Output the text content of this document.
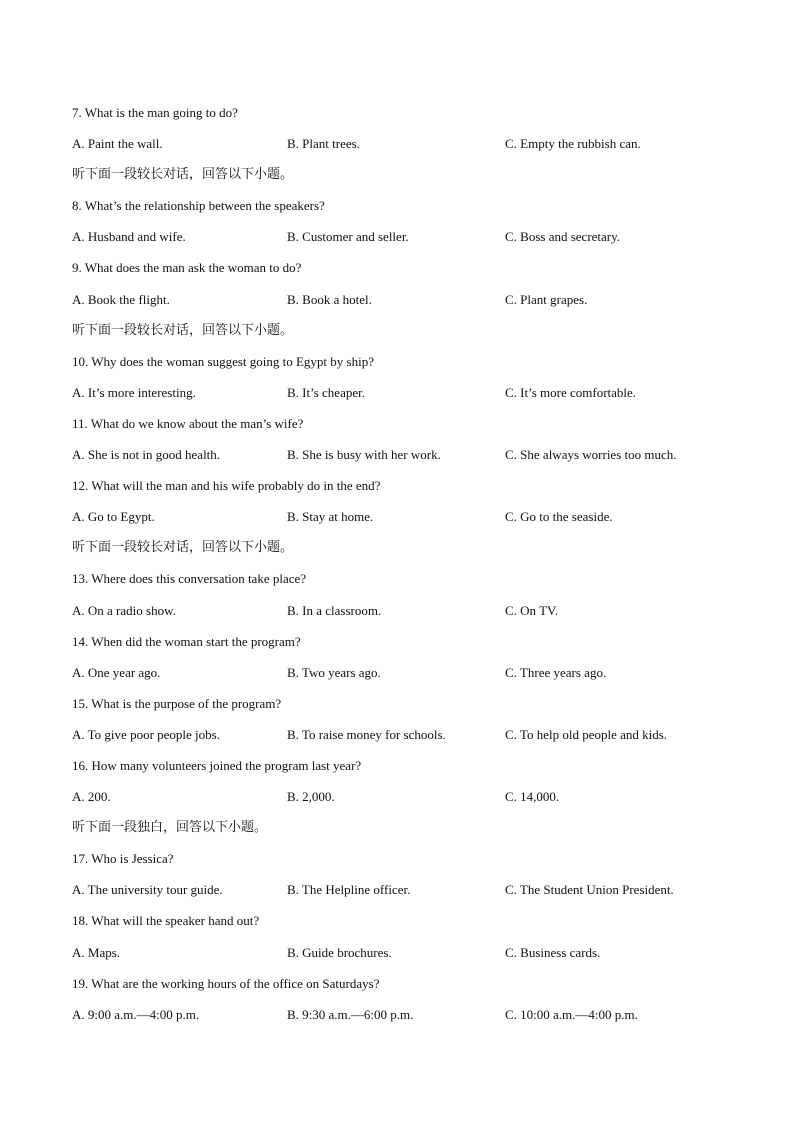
7. What is the man going to do?
A. Paint the wall.	B. Plant trees.	C. Empty the rubbish can.
听下面一段较长对话，回答以下小题。
8. What’s the relationship between the speakers?
A. Husband and wife.	B. Customer and seller.	C. Boss and secretary.
9. What does the man ask the woman to do?
A. Book the flight.	B. Book a hotel.	C. Plant grapes.
听下面一段较长对话，回答以下小题。
10. Why does the woman suggest going to Egypt by ship?
A. It’s more interesting.	B. It’s cheaper.	C. It’s more comfortable.
11. What do we know about the man’s wife?
A. She is not in good health.	B. She is busy with her work.	C. She always worries too much.
12. What will the man and his wife probably do in the end?
A. Go to Egypt.	B. Stay at home.	C. Go to the seaside.
听下面一段较长对话，回答以下小题。
13. Where does this conversation take place?
A. On a radio show.	B. In a classroom.	C. On TV.
14. When did the woman start the program?
A. One year ago.	B. Two years ago.	C. Three years ago.
15. What is the purpose of the program?
A. To give poor people jobs.	B. To raise money for schools.	C. To help old people and kids.
16. How many volunteers joined the program last year?
A. 200.	B. 2,000.	C. 14,000.
听下面一段独白，回答以下小题。
17. Who is Jessica?
A. The university tour guide.	B. The Helpline officer.	C. The Student Union President.
18. What will the speaker hand out?
A. Maps.	B. Guide brochures.	C. Business cards.
19. What are the working hours of the office on Saturdays?
A. 9:00 a.m.—4:00 p.m.	B. 9:30 a.m.—6:00 p.m.	C. 10:00 a.m.—4:00 p.m.
